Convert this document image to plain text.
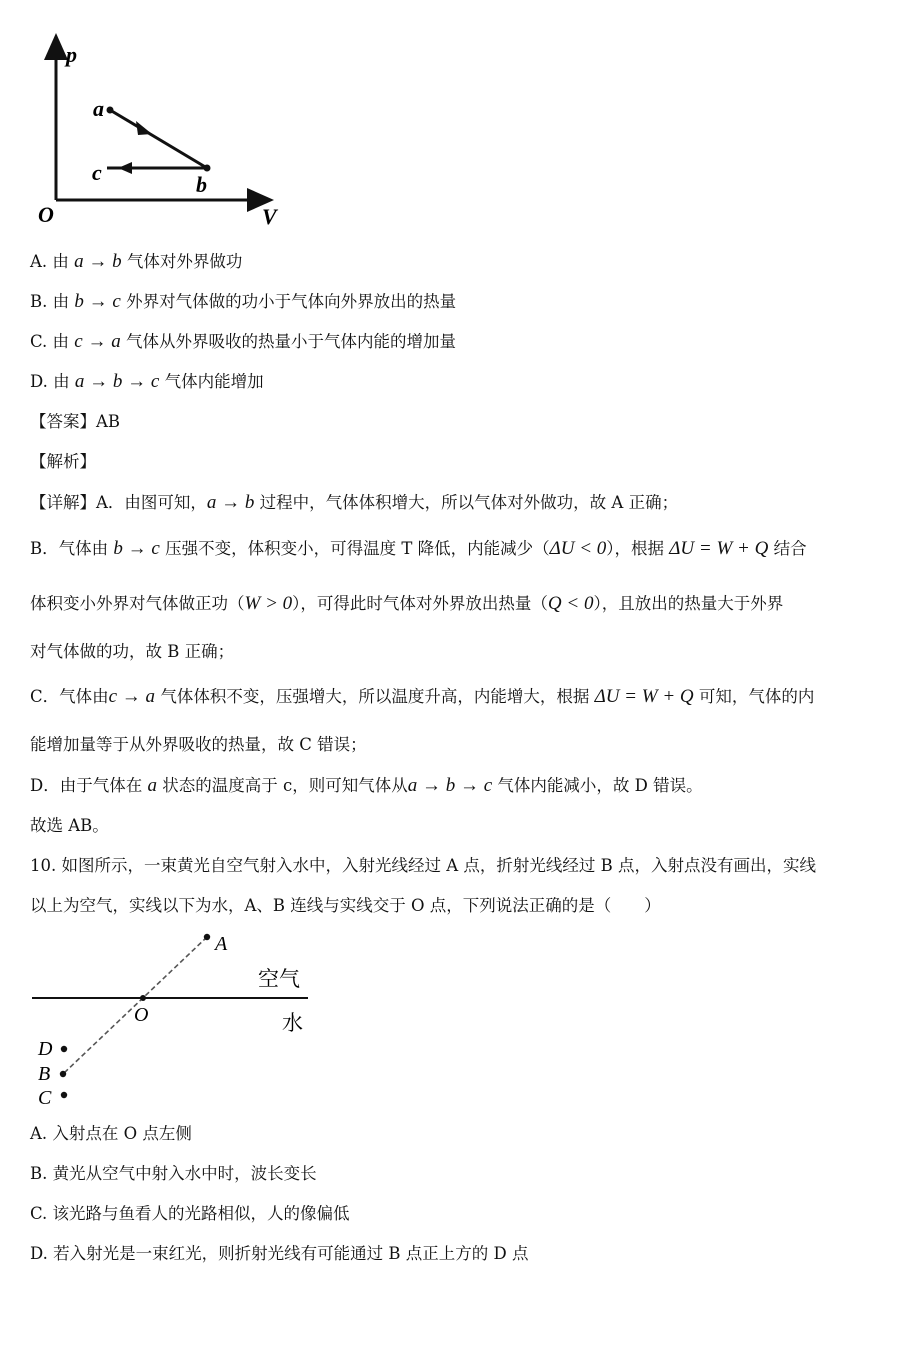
p
V
O
a
c	b
A. 由 a → b 气体对外界做功
B. 由 b → c 外界对气体做的功小于气体向外界放出的热量
C. 由 c → a 气体从外界吸收的热量小于气体内能的增加量
D. 由 a → b → c 气体内能增加
【答案】AB
【解析】
【详解】A．由图可知，a → b 过程中，气体体积增大，所以气体对外做功，故 A 正确；
B．气体由 b → c 压强不变，体积变小，可得温度 T 降低，内能减少（ΔU < 0），根据 ΔU = W + Q 结合
体积变小外界对气体做正功（W > 0），可得此时气体对外界放出热量（Q < 0），且放出的热量大于外界
对气体做的功，故 B 正确；
C．气体由c → a 气体体积不变，压强增大，所以温度升高，内能增大，根据 ΔU = W + Q 可知，气体的内
能增加量等于从外界吸收的热量，故 C 错误；
D．由于气体在 a 状态的温度高于 c，则可知气体从a → b → c 气体内能减小，故 D 错误。
故选 AB。
10. 如图所示，一束黄光自空气射入水中，入射光线经过 A 点，折射光线经过 B 点，入射点没有画出，实线
以上为空气，实线以下为水，A、B 连线与实线交于 O 点，下列说法正确的是（　　）
A
O
D
B
C
空气
水
A. 入射点在 O 点左侧
B. 黄光从空气中射入水中时，波长变长
C. 该光路与鱼看人的光路相似，人的像偏低
D. 若入射光是一束红光，则折射光线有可能通过 B 点正上方的 D 点
